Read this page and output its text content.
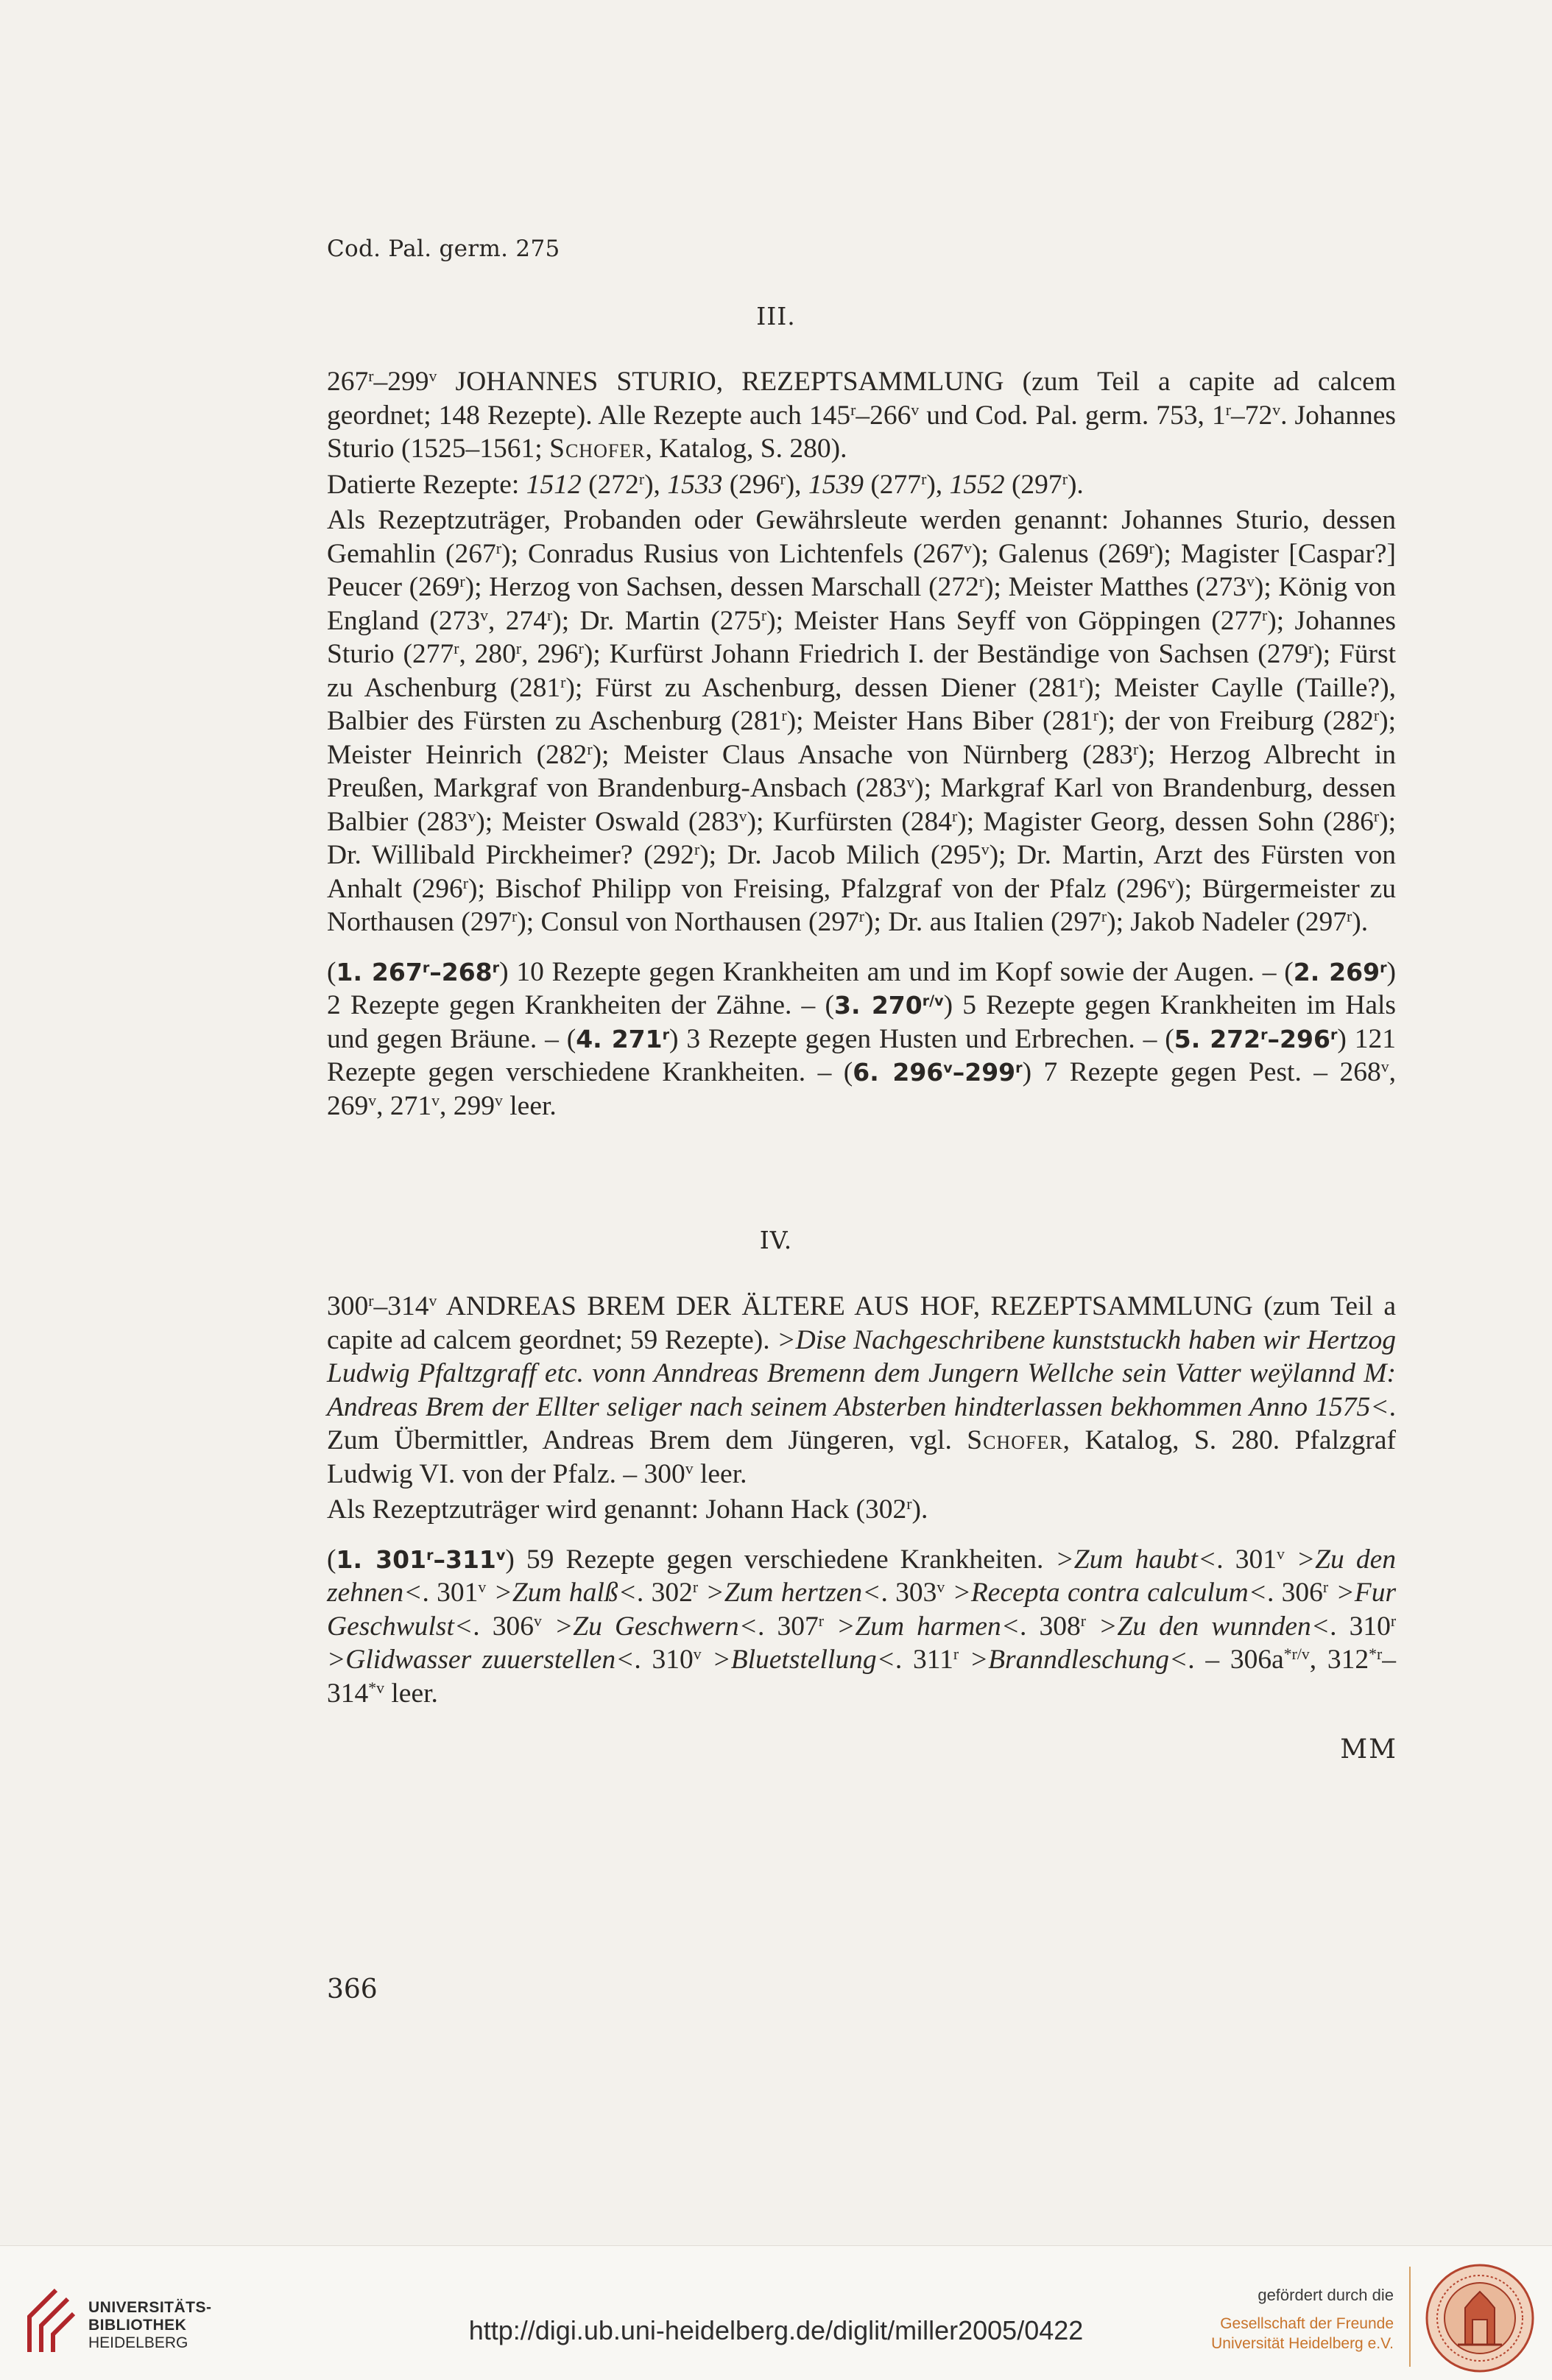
Cod. Pal. germ. 275
III.

267$^r$–299$^v$ JOHANNES STURIO, REZEPTSAMMLUNG (zum Teil a capite ad calcem geordnet; 148 Rezepte). Alle Rezepte auch 145$^r$–266$^v$ und Cod. Pal. germ. 753, 1$^r$–72$^v$. Johannes Sturio (1525–1561; Schofer, Katalog, S. 280).

Datierte Rezepte: 1512 (272$^r$), 1533 (296$^r$), 1539 (277$^r$), 1552 (297$^r$).

Als Rezeptzuträger, Probanden oder Gewährsleute werden genannt: Johannes Sturio, dessen Gemahlin (267$^r$); Conradus Rusius von Lichtenfels (267$^v$); Galenus (269$^r$); Magister [Caspar?] Peucer (269$^r$); Herzog von Sachsen, dessen Marschall (272$^r$); Meister Matthes (273$^v$); König von England (273$^v$, 274$^r$); Dr. Martin (275$^r$); Meister Hans Seyff von Göppingen (277$^r$); Johannes Sturio (277$^r$, 280$^r$, 296$^r$); Kurfürst Johann Friedrich I. der Beständige von Sachsen (279$^r$); Fürst zu Aschenburg (281$^r$); Fürst zu Aschenburg, dessen Diener (281$^r$); Meister Caylle (Taille?), Balbier des Fürsten zu Aschenburg (281$^r$); Meister Hans Biber (281$^r$); der von Freiburg (282$^r$); Meister Heinrich (282$^r$); Meister Claus Ansache von Nürnberg (283$^r$); Herzog Albrecht in Preußen, Markgraf von Brandenburg-Ansbach (283$^v$); Markgraf Karl von Brandenburg, dessen Balbier (283$^v$); Meister Oswald (283$^v$); Kurfürsten (284$^r$); Magister Georg, dessen Sohn (286$^r$); Dr. Willibald Pirckheimer? (292$^r$); Dr. Jacob Milich (295$^v$); Dr. Martin, Arzt des Fürsten von Anhalt (296$^r$); Bischof Philipp von Freising, Pfalzgraf von der Pfalz (296$^v$); Bürgermeister zu Northausen (297$^r$); Consul von Northausen (297$^r$); Dr. aus Italien (297$^r$); Jakob Nadeler (297$^r$).

(1. 267$^r$–268$^r$) 10 Rezepte gegen Krankheiten am und im Kopf sowie der Augen. – (2. 269$^r$) 2 Rezepte gegen Krankheiten der Zähne. – (3. $270^{r/v}$) 5 Rezepte gegen Krankheiten im Hals und gegen Bräune. – (4. 271$^r$) 3 Rezepte gegen Husten und Erbrechen. – (5. 272$^r$–296$^r$) 121 Rezepte gegen verschiedene Krankheiten. – (6. 296$^v$–299$^r$) 7 Rezepte gegen Pest. – 268$^v$, 269$^v$, 271$^v$, 299$^v$ leer.

IV.

300$^r$–314$^v$ ANDREAS BREM DER ÄLTERE AUS HOF, REZEPTSAMMLUNG (zum Teil a capite ad calcem geordnet; 59 Rezepte). >Dise Nachgeschribene kunststuckh haben wir Hertzog Ludwig Pfaltzgraff etc. vonn Anndreas Bremenn dem Jungern Wellche sein Vatter weÿlannd M: Andreas Brem der Ellter seliger nach seinem Absterben hindterlassen bekhommen Anno 1575<. Zum Übermittler, Andreas Brem dem Jüngeren, vgl. Schofer, Katalog, S. 280. Pfalzgraf Ludwig VI. von der Pfalz. – 300$^v$ leer.

Als Rezeptzuträger wird genannt: Johann Hack (302$^r$).

(1. 301$^r$–311$^v$) 59 Rezepte gegen verschiedene Krankheiten. >Zum haubt<. $301^v >Zu$ den zehnen<. $301^v >Zum$ halß<. $302^r >Zum$ hertzen<. $303^v$ >Recepta contra calculum<. $306^r >Fur$ Geschwulst<. $306^v >Zu$ Geschwern<. $307^r >Zum$ harmen<. $308^r >Zu$ den wunnden<. $310^r$ >Glidwasser zuuerstellen<. $310^v$ >Bluetstellung<. $311^r$ >Branndleschung<. – $306a^{*r/v}$, 312$^{*r}$–314$^{*v}$ leer.

MM
366
UNIVERSITÄTS-
BIBLIOTHEK
HEIDELBERG	http://digi.ub.uni-heidelberg.de/diglit/miller2005/0422
gefördert durch die
Gesellschaft der Freunde
Universität Heidelberg e.V.
